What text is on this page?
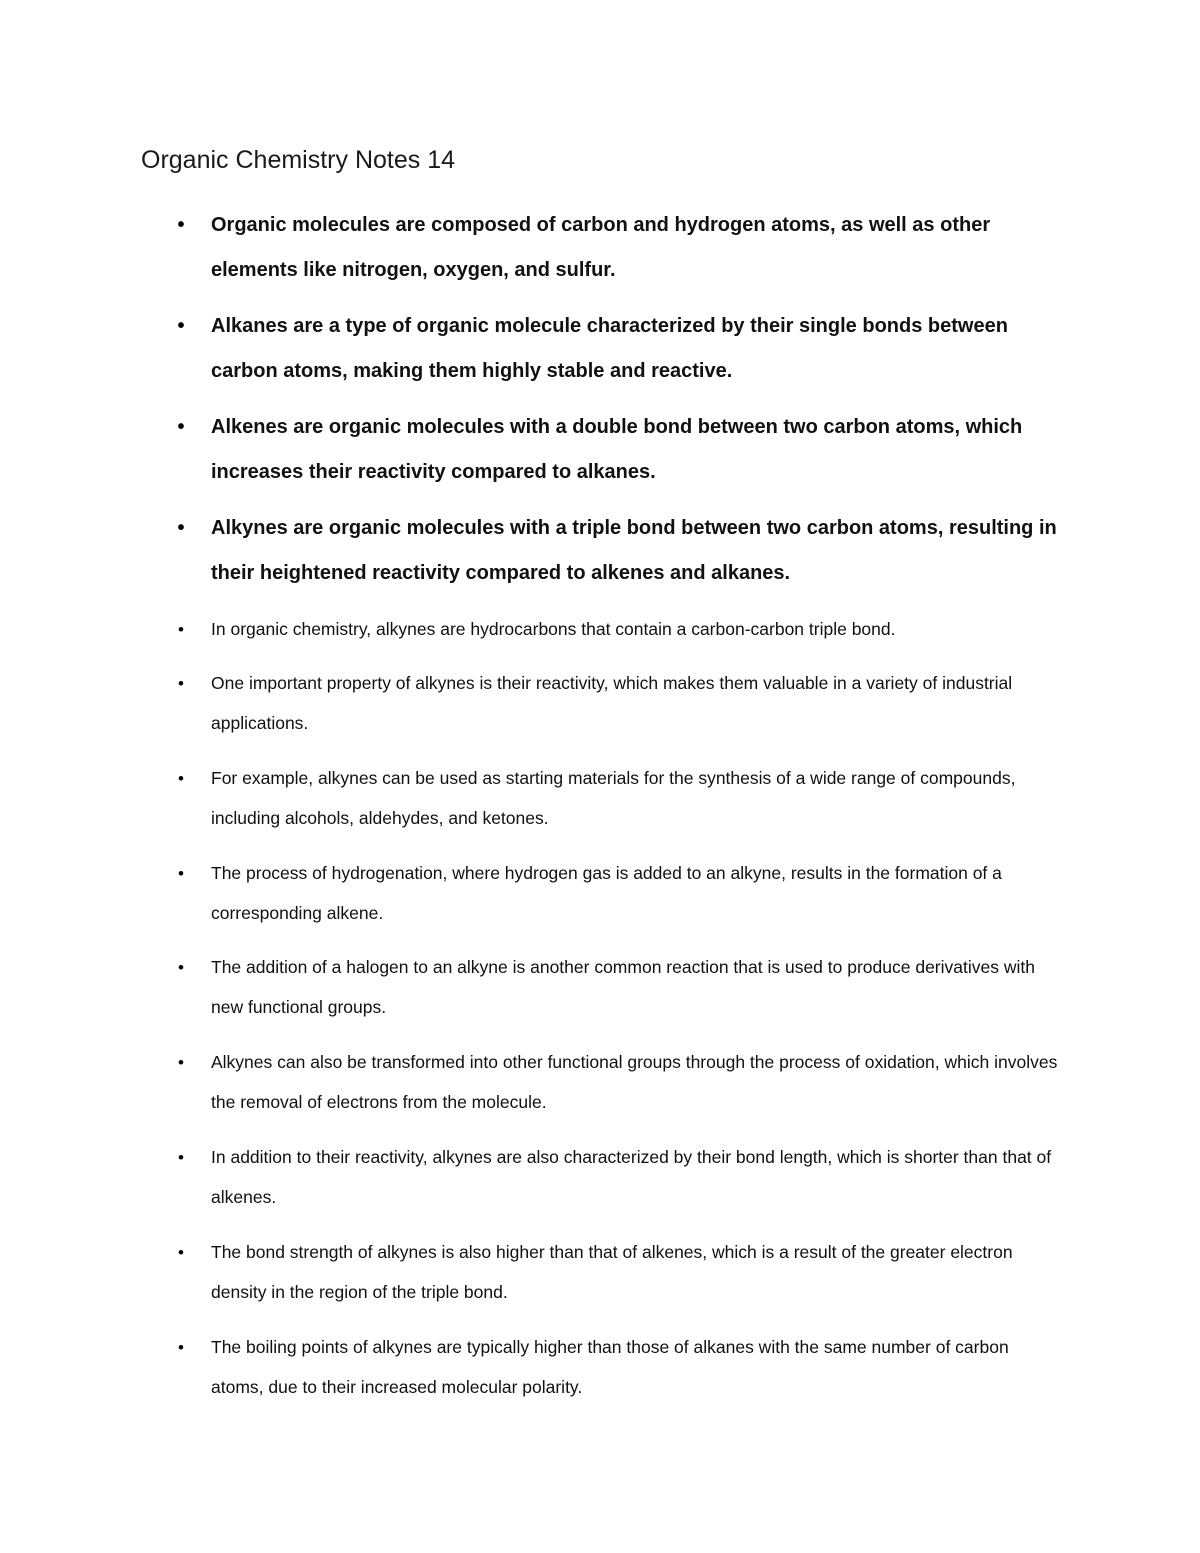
Organic Chemistry Notes 14
• Organic molecules are composed of carbon and hydrogen atoms, as well as other elements like nitrogen, oxygen, and sulfur.
• Alkanes are a type of organic molecule characterized by their single bonds between carbon atoms, making them highly stable and reactive.
• Alkenes are organic molecules with a double bond between two carbon atoms, which increases their reactivity compared to alkanes.
• Alkynes are organic molecules with a triple bond between two carbon atoms, resulting in their heightened reactivity compared to alkenes and alkanes.
• In organic chemistry, alkynes are hydrocarbons that contain a carbon-carbon triple bond.
• One important property of alkynes is their reactivity, which makes them valuable in a variety of industrial applications.
• For example, alkynes can be used as starting materials for the synthesis of a wide range of compounds, including alcohols, aldehydes, and ketones.
• The process of hydrogenation, where hydrogen gas is added to an alkyne, results in the formation of a corresponding alkene.
• The addition of a halogen to an alkyne is another common reaction that is used to produce derivatives with new functional groups.
• Alkynes can also be transformed into other functional groups through the process of oxidation, which involves the removal of electrons from the molecule.
• In addition to their reactivity, alkynes are also characterized by their bond length, which is shorter than that of alkenes.
• The bond strength of alkynes is also higher than that of alkenes, which is a result of the greater electron density in the region of the triple bond.
• The boiling points of alkynes are typically higher than those of alkanes with the same number of carbon atoms, due to their increased molecular polarity.
